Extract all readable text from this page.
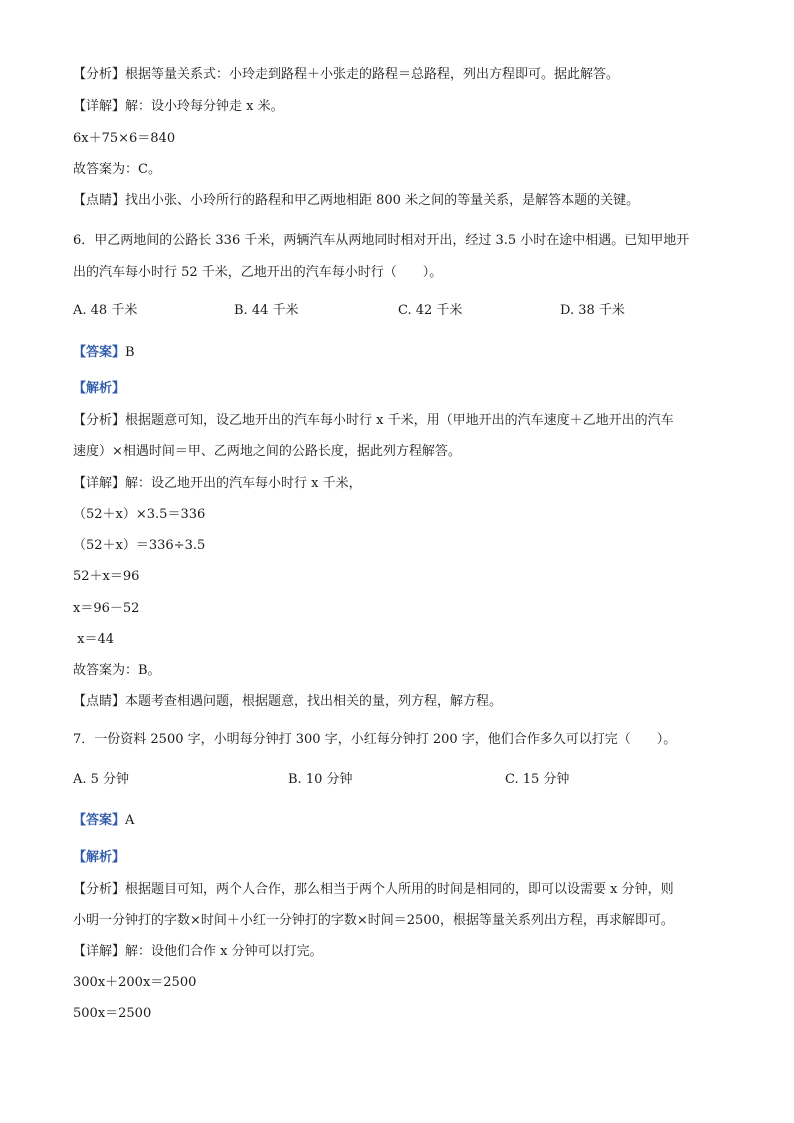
【分析】根据等量关系式：小玲走到路程＋小张走的路程＝总路程，列出方程即可。据此解答。
【详解】解：设小玲每分钟走 x 米。
6x＋75×6＝840
故答案为：C。
【点睛】找出小张、小玲所行的路程和甲乙两地相距 800 米之间的等量关系，是解答本题的关键。
6．甲乙两地间的公路长 336 千米，两辆汽车从两地同时相对开出，经过 3.5 小时在途中相遇。已知甲地开
出的汽车每小时行 52 千米，乙地开出的汽车每小时行（　　）。
A. 48 千米	B. 44 千米	C. 42 千米	D. 38 千米
【答案】B
【解析】
【分析】根据题意可知，设乙地开出的汽车每小时行 x 千米，用（甲地开出的汽车速度＋乙地开出的汽车
速度）×相遇时间＝甲、乙两地之间的公路长度，据此列方程解答。
【详解】解：设乙地开出的汽车每小时行 x 千米，
（52＋x）×3.5＝336
（52＋x）＝336÷3.5
52＋x＝96
x＝96－52
x＝44
故答案为：B。
【点睛】本题考查相遇问题，根据题意，找出相关的量，列方程，解方程。
7．一份资料 2500 字，小明每分钟打 300 字，小红每分钟打 200 字，他们合作多久可以打完（　　）。
A. 5 分钟	B. 10 分钟	C. 15 分钟
【答案】A
【解析】
【分析】根据题目可知，两个人合作，那么相当于两个人所用的时间是相同的，即可以设需要 x 分钟，则
小明一分钟打的字数×时间＋小红一分钟打的字数×时间＝2500，根据等量关系列出方程，再求解即可。
【详解】解：设他们合作 x 分钟可以打完。
300x＋200x＝2500
500x＝2500
